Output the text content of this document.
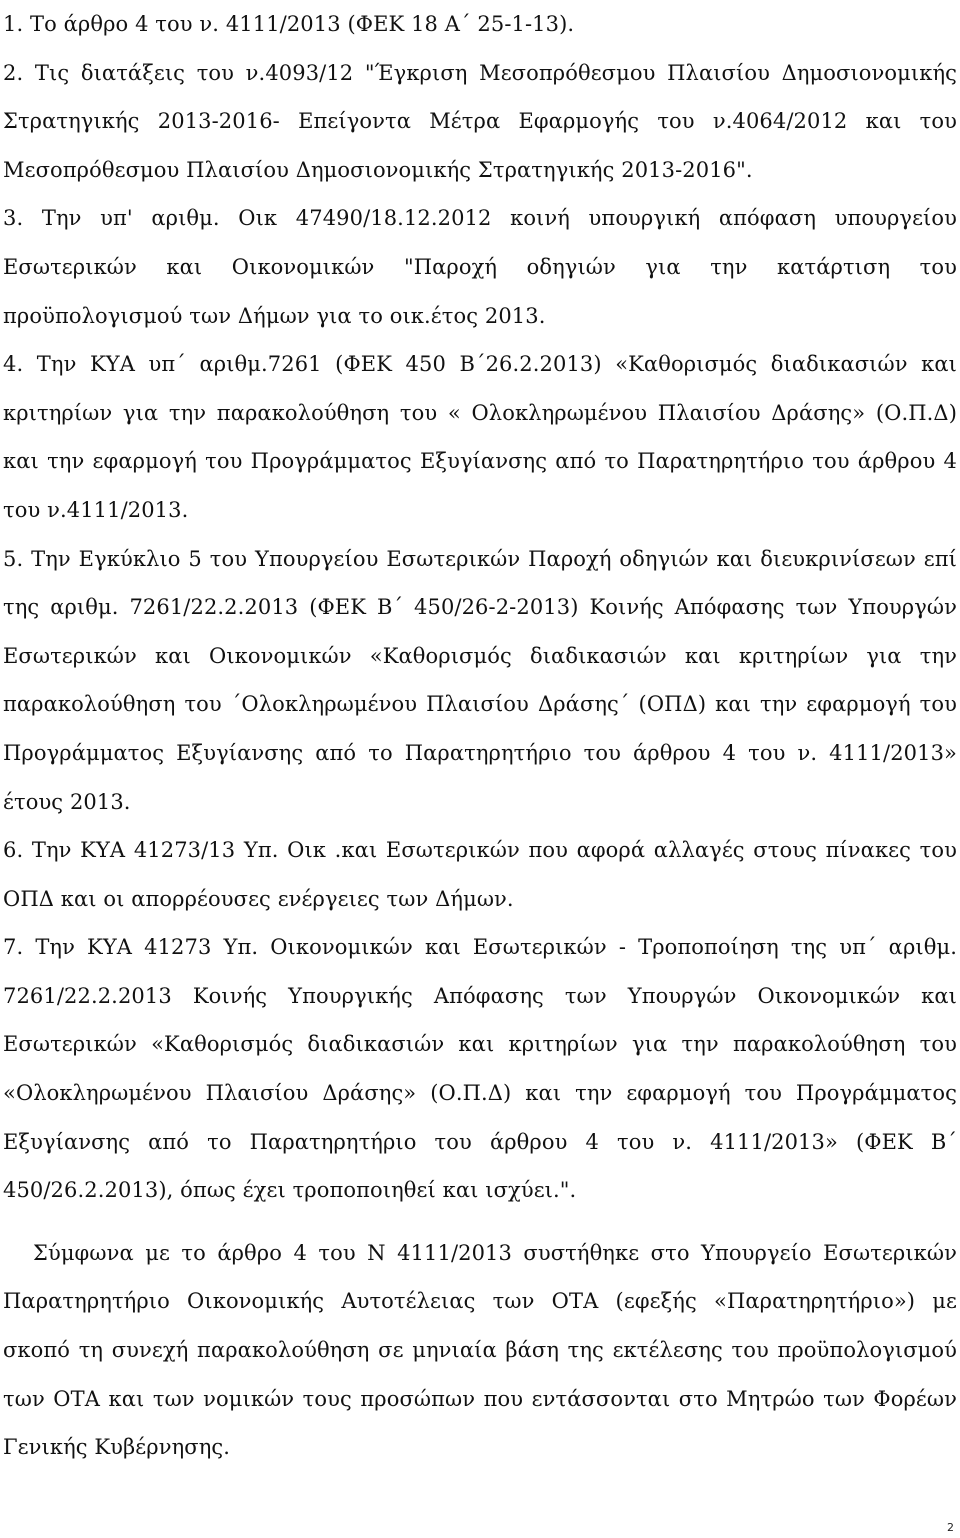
1. Το άρθρο 4 του ν. 4111/2013 (ΦΕΚ 18 Α΄ 25-1-13).

2. Τις διατάξεις του ν.4093/12 "Έγκριση Μεσοπρόθεσμου Πλαισίου Δημοσιονομικής Στρατηγικής 2013-2016- Επείγοντα Μέτρα Εφαρμογής του ν.4064/2012 και του Μεσοπρόθεσμου Πλαισίου Δημοσιονομικής Στρατηγικής 2013-2016".

3. Την υπ' αριθμ. Οικ 47490/18.12.2012 κοινή υπουργική απόφαση υπουργείου Εσωτερικών και Οικονομικών "Παροχή οδηγιών για την κατάρτιση του προϋπολογισμού των Δήμων για το οικ.έτος 2013.

4. Την ΚΥΑ υπ΄ αριθμ.7261 (ΦΕΚ 450 Β΄26.2.2013) «Καθορισμός διαδικασιών και κριτηρίων για την παρακολούθηση του « Ολοκληρωμένου Πλαισίου Δράσης» (Ο.Π.Δ) και την εφαρμογή του Προγράμματος Εξυγίανσης από το Παρατηρητήριο του άρθρου 4 του ν.4111/2013.

5. Την Εγκύκλιο 5 του Υπουργείου Εσωτερικών Παροχή οδηγιών και διευκρινίσεων επί της αριθμ. 7261/22.2.2013 (ΦΕΚ Β΄ 450/26-2-2013) Κοινής Απόφασης των Υπουργών Εσωτερικών και Οικονομικών «Καθορισμός διαδικασιών και κριτηρίων για την παρακολούθηση του ΄Ολοκληρωμένου Πλαισίου Δράσης΄ (ΟΠΔ) και την εφαρμογή του Προγράμματος Εξυγίανσης από το Παρατηρητήριο του άρθρου 4 του ν. 4111/2013» έτους 2013.

6. Την ΚΥΑ 41273/13 Υπ. Οικ .και Εσωτερικών που αφορά αλλαγές στους πίνακες του ΟΠΔ και οι απορρέουσες ενέργειες των Δήμων.

7. Την ΚΥΑ 41273 Υπ. Οικονομικών και Εσωτερικών - Τροποποίηση της υπ΄ αριθμ. 7261/22.2.2013 Κοινής Υπουργικής Απόφασης των Υπουργών Οικονομικών και Εσωτερικών «Καθορισμός διαδικασιών και κριτηρίων για την παρακολούθηση του «Ολοκληρωμένου Πλαισίου Δράσης» (Ο.Π.Δ) και την εφαρμογή του Προγράμματος Εξυγίανσης από το Παρατηρητήριο του άρθρου 4 του ν. 4111/2013» (ΦΕΚ Β΄ 450/26.2.2013), όπως έχει τροποποιηθεί και ισχύει.".

Σύμφωνα με το άρθρο 4 του Ν 4111/2013 συστήθηκε στο Υπουργείο Εσωτερικών Παρατηρητήριο Οικονομικής Αυτοτέλειας των ΟΤΑ (εφεξής «Παρατηρητήριο») με σκοπό τη συνεχή παρακολούθηση σε μηνιαία βάση της εκτέλεσης του προϋπολογισμού των ΟΤΑ και των νομικών τους προσώπων που εντάσσονται στο Μητρώο των Φορέων Γενικής Κυβέρνησης.

2
